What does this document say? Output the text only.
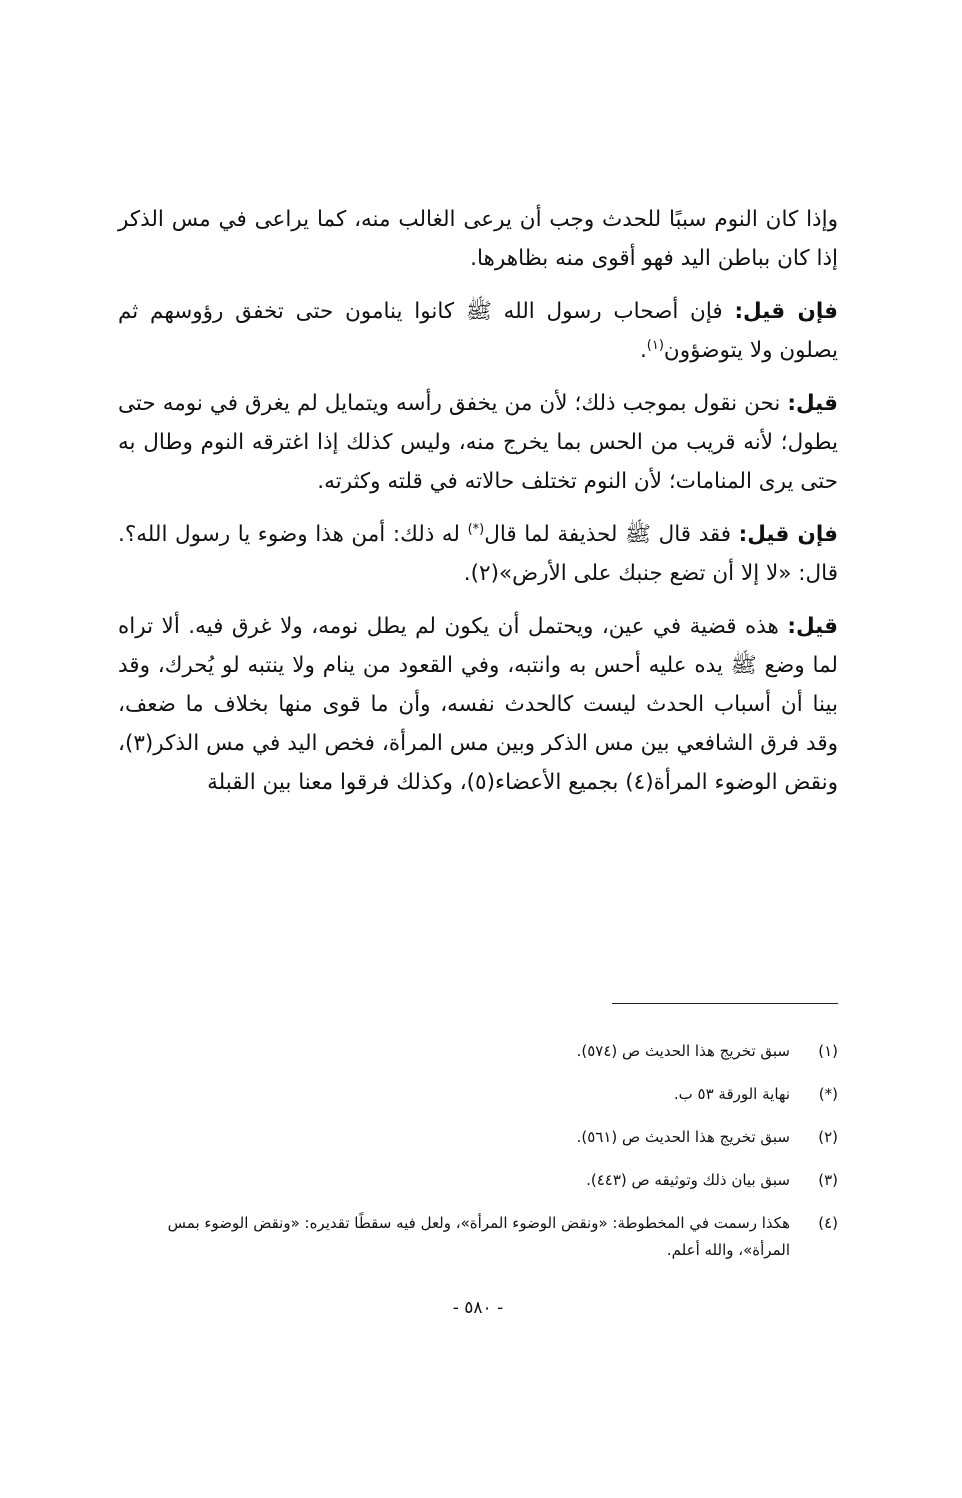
وإذا كان النوم سببًا للحدث وجب أن يرعى الغالب منه، كما يراعى في مس الذكر إذا كان بباطن اليد فهو أقوى منه بظاهرها.

فإن قيل: فإن أصحاب رسول الله ﷺ كانوا ينامون حتى تخفق رؤوسهم ثم يصلون ولا يتوضؤون$^{(١)}$.

قيل: نحن نقول بموجب ذلك؛ لأن من يخفق رأسه ويتمايل لم يغرق في نومه حتى يطول؛ لأنه قريب من الحس بما يخرج منه، وليس كذلك إذا اغترقه النوم وطال به حتى يرى المنامات؛ لأن النوم تختلف حالاته في قلته وكثرته.

فإن قيل: فقد قال ﷺ لحذيفة لما قال(*) له ذلك: أمن هذا وضوء يا رسول الله؟. قال: «لا إلا أن تضع جنبك على الأرض»(٢).

قيل: هذه قضية في عين، ويحتمل أن يكون لم يطل نومه، ولا غرق فيه. ألا تراه لما وضع ﷺ يده عليه أحس به وانتبه، وفي القعود من ينام ولا ينتبه لو يُحرك، وقد بينا أن أسباب الحدث ليست كالحدث نفسه، وأن ما قوى منها بخلاف ما ضعف، وقد فرق الشافعي بين مس الذكر وبين مس المرأة، فخص اليد في مس الذكر(٣)، ونقض الوضوء المرأة(٤) بجميع الأعضاء(٥)، وكذلك فرقوا معنا بين القبلة

(١)
سبق تخريج هذا الحديث ص (٥٧٤).
(*)
نهاية الورقة ٥٣ ب.
(٢)
سبق تخريج هذا الحديث ص (٥٦١).
(٣)
سبق بيان ذلك وتوثيقه ص (٤٤٣).
(٤)
هكذا رسمت في المخطوطة: «ونقض الوضوء المرأة»، ولعل فيه سقطًا تقديره: «ونقض الوضوء بمس المرأة»، والله أعلم.
- ٥٨٠ -
